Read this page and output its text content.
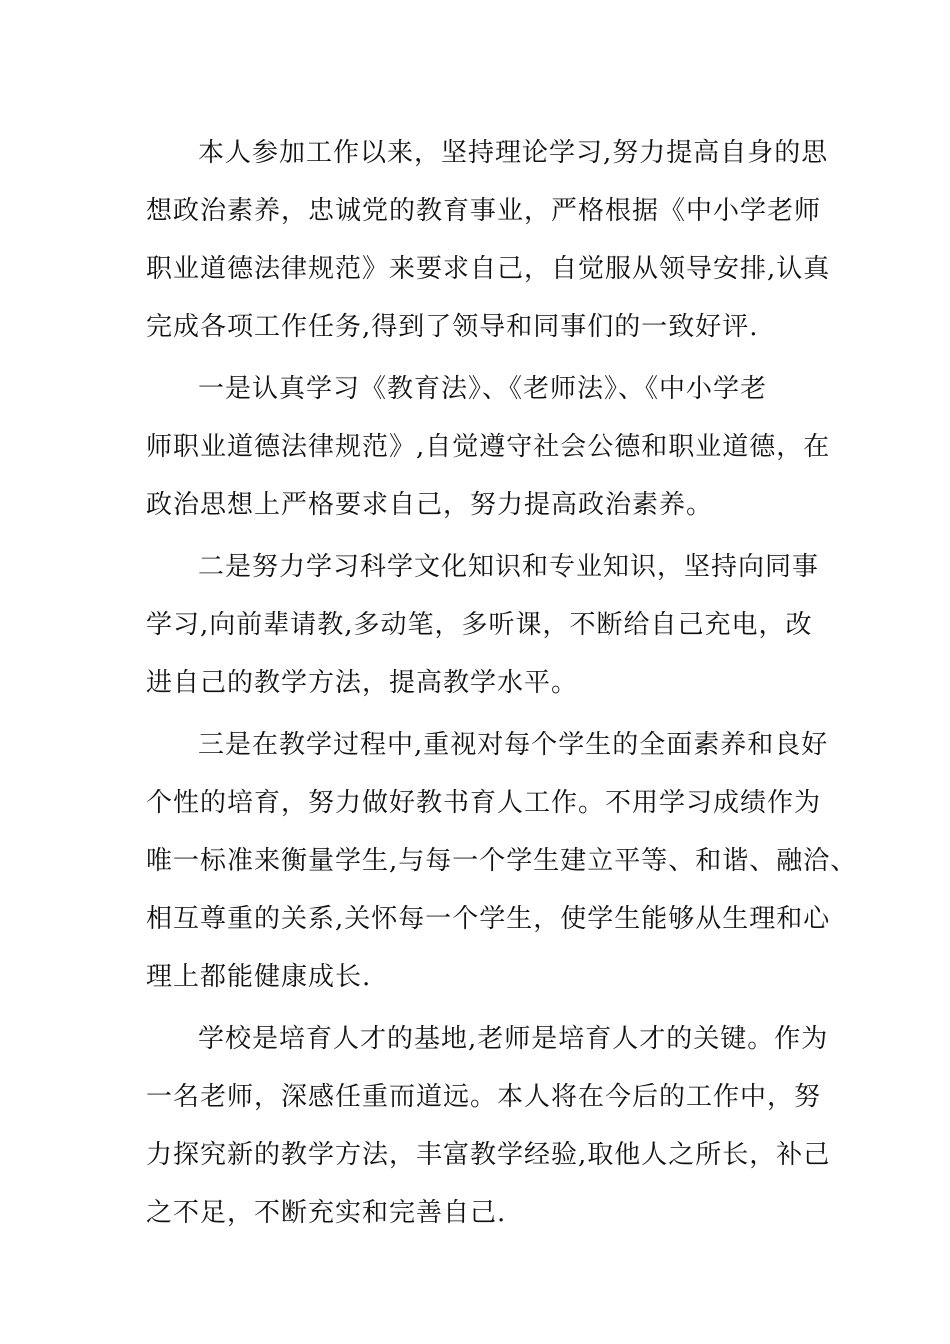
本人参加工作以来，坚持理论学习,努力提高自身的思
想政治素养，忠诚党的教育事业，严格根据《中小学老师
职业道德法律规范》来要求自己，自觉服从领导安排,认真
完成各项工作任务,得到了领导和同事们的一致好评.
一是认真学习《教育法》、《老师法》、《中小学老
师职业道德法律规范》,自觉遵守社会公德和职业道德，在
政治思想上严格要求自己，努力提高政治素养。
二是努力学习科学文化知识和专业知识，坚持向同事
学习,向前辈请教,多动笔，多听课，不断给自己充电，改
进自己的教学方法，提高教学水平。
三是在教学过程中,重视对每个学生的全面素养和良好
个性的培育，努力做好教书育人工作。不用学习成绩作为
唯一标准来衡量学生,与每一个学生建立平等、和谐、融洽、
相互尊重的关系,关怀每一个学生，使学生能够从生理和心
理上都能健康成长.
学校是培育人才的基地,老师是培育人才的关键。作为
一名老师，深感任重而道远。本人将在今后的工作中，努
力探究新的教学方法，丰富教学经验,取他人之所长，补己
之不足，不断充实和完善自己.
